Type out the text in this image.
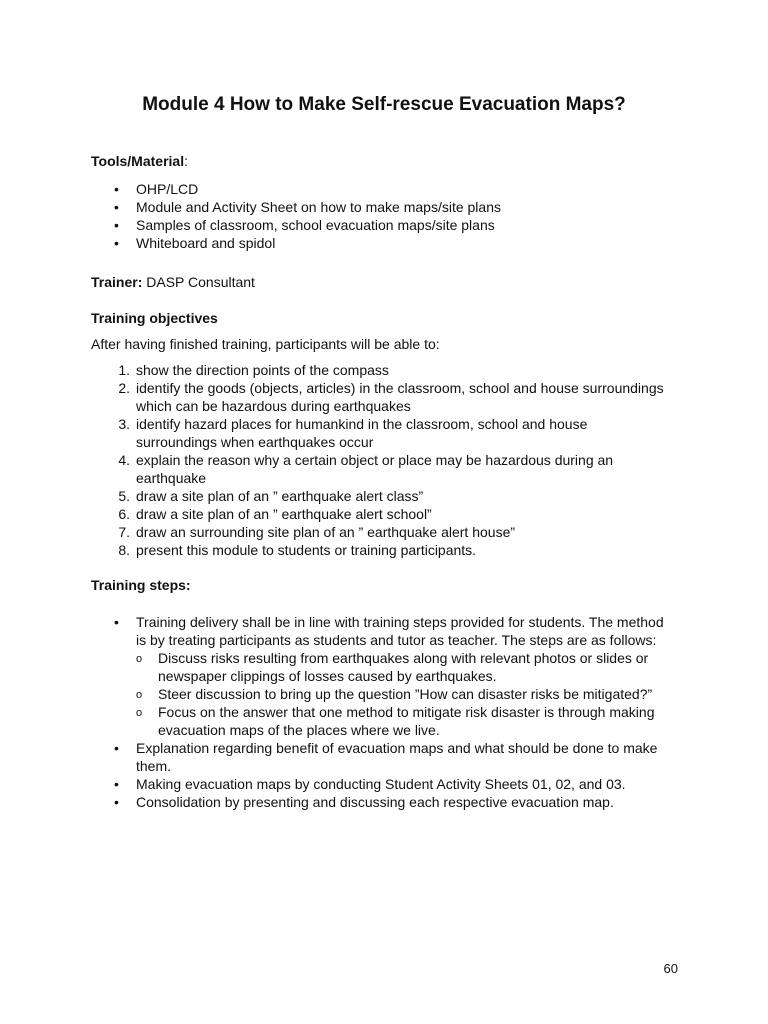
Module 4 How to Make Self-rescue Evacuation Maps?

Tools/Material:

• OHP/LCD
• Module and Activity Sheet on how to make maps/site plans
• Samples of classroom, school evacuation maps/site plans
• Whiteboard and spidol

Trainer: DASP Consultant

Training objectives

After having finished training, participants will be able to:

1. show the direction points of the compass
2. identify the goods (objects, articles) in the classroom, school and house surroundings which can be hazardous during earthquakes
3. identify hazard places for humankind in the classroom, school and house surroundings when earthquakes occur
4. explain the reason why a certain object or place may be hazardous during an earthquake
5. draw a site plan of an ” earthquake alert class”
6. draw a site plan of an ” earthquake alert school”
7. draw an surrounding site plan of an ” earthquake alert house”
8. present this module to students or training participants.

Training steps:

• Training delivery shall be in line with training steps provided for students. The method is by treating participants as students and tutor as teacher. The steps are as follows:
o Discuss risks resulting from earthquakes along with relevant photos or slides or newspaper clippings of losses caused by earthquakes.
o Steer discussion to bring up the question ”How can disaster risks be mitigated?”
o Focus on the answer that one method to mitigate risk disaster is through making evacuation maps of the places where we live.
• Explanation regarding benefit of evacuation maps and what should be done to make them.
• Making evacuation maps by conducting Student Activity Sheets 01, 02, and 03.
• Consolidation by presenting and discussing each respective evacuation map.
60
